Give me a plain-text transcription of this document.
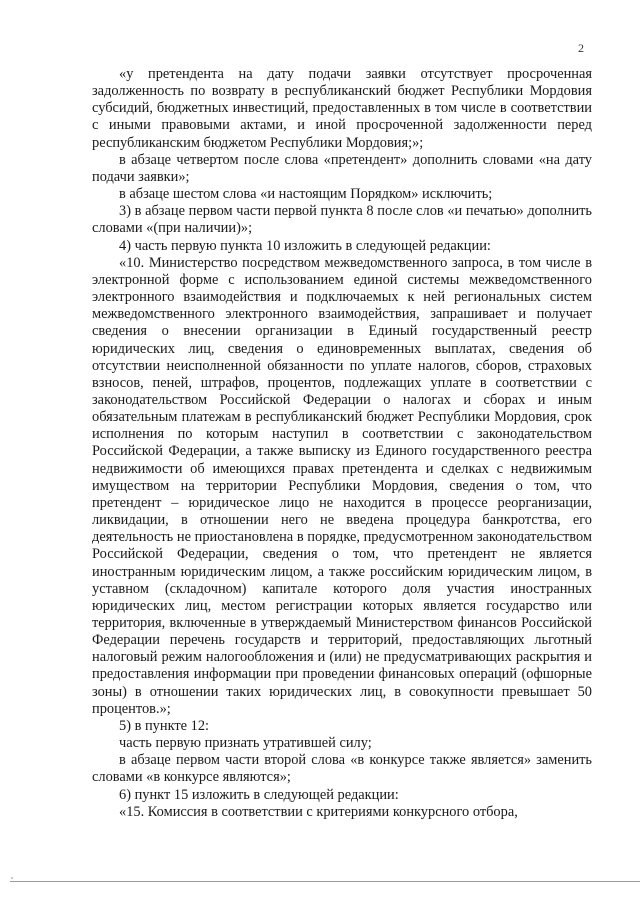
2

«у претендента на дату подачи заявки отсутствует просроченная задолженность по возврату в республиканский бюджет Республики Мордовия субсидий, бюджетных инвестиций, предоставленных в том числе в соответствии с иными правовыми актами, и иной просроченной задолженности перед республиканским бюджетом Республики Мордовия;»;

в абзаце четвертом после слова «претендент» дополнить словами «на дату подачи заявки»;

в абзаце шестом слова «и настоящим Порядком» исключить;

3) в абзаце первом части первой пункта 8 после слов «и печатью» дополнить словами «(при наличии)»;

4) часть первую пункта 10 изложить в следующей редакции:

«10. Министерство посредством межведомственного запроса, в том числе в электронной форме с использованием единой системы межведомственного электронного взаимодействия и подключаемых к ней региональных систем межведомственного электронного взаимодействия, запрашивает и получает сведения о внесении организации в Единый государственный реестр юридических лиц, сведения о единовременных выплатах, сведения об отсутствии неисполненной обязанности по уплате налогов, сборов, страховых взносов, пеней, штрафов, процентов, подлежащих уплате в соответствии с законодательством Российской Федерации о налогах и сборах и иным обязательным платежам в республиканский бюджет Республики Мордовия, срок исполнения по которым наступил в соответствии с законодательством Российской Федерации, а также выписку из Единого государственного реестра недвижимости об имеющихся правах претендента и сделках с недвижимым имуществом на территории Республики Мордовия, сведения о том, что претендент – юридическое лицо не находится в процессе реорганизации, ликвидации, в отношении него не введена процедура банкротства, его деятельность не приостановлена в порядке, предусмотренном законодательством Российской Федерации, сведения о том, что претендент не является иностранным юридическим лицом, а также российским юридическим лицом, в уставном (складочном) капитале которого доля участия иностранных юридических лиц, местом регистрации которых является государство или территория, включенные в утверждаемый Министерством финансов Российской Федерации перечень государств и территорий, предоставляющих льготный налоговый режим налогообложения и (или) не предусматривающих раскрытия и предоставления информации при проведении финансовых операций (офшорные зоны) в отношении таких юридических лиц, в совокупности превышает 50 процентов.»;

5) в пункте 12:

часть первую признать утратившей силу;

в абзаце первом части второй слова «в конкурсе также является» заменить словами «в конкурсе являются»;

6) пункт 15 изложить в следующей редакции:

«15. Комиссия в соответствии с критериями конкурсного отбора,
